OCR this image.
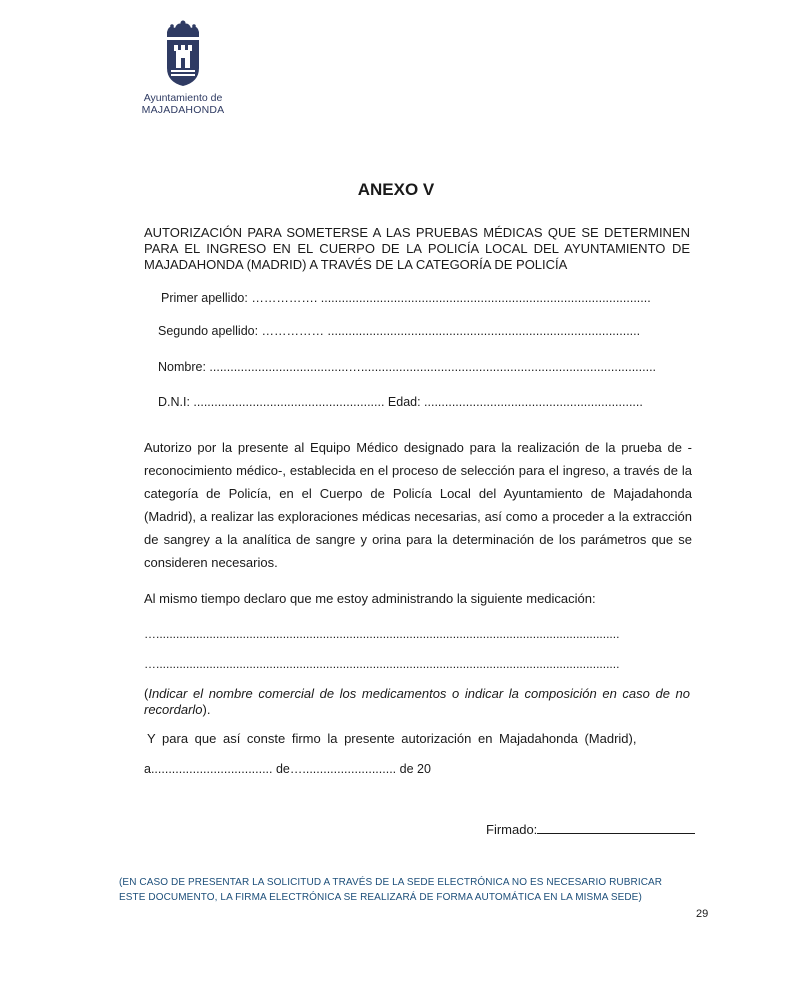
Ayuntamiento de
MAJADAHONDA
ANEXO V

AUTORIZACIÓN PARA SOMETERSE A LAS PRUEBAS MÉDICAS QUE SE DETERMINEN PARA EL INGRESO EN EL CUERPO DE LA POLICÍA LOCAL DEL AYUNTAMIENTO DE MAJADAHONDA (MADRID) A TRAVÉS DE LA CATEGORÍA DE POLICÍA

Primer apellido: ……………. ...............................................................................................
Segundo apellido: …………… ..........................................................................................
Nombre: ........................................….....................................................................................
D.N.I: ....................................................... Edad: ...............................................................

Autorizo por la presente al Equipo Médico designado para la realización de la prueba de -reconocimiento médico-, establecida en el proceso de selección para el ingreso, a través de la categoría de Policía, en el Cuerpo de Policía Local del Ayuntamiento de Majadahonda (Madrid), a realizar las exploraciones médicas necesarias, así como a proceder a la extracción de sangrey a la analítica de sangre y orina para la determinación de los parámetros que se consideren necesarios.

Al mismo tiempo declaro que me estoy administrando la siguiente medicación:
…...........................................................................................................................................
…...........................................................................................................................................
(Indicar el nombre comercial de los medicamentos o indicar la composición en caso de no recordarlo).
Y para que así conste firmo la presente autorización en Majadahonda (Madrid),
a................................... de…........................... de 20
Firmado:
(EN CASO DE PRESENTAR LA SOLICITUD A TRAVÉS DE LA SEDE ELECTRÓNICA NO ES NECESARIO RUBRICAR
ESTE DOCUMENTO, LA FIRMA ELECTRÓNICA SE REALIZARÁ DE FORMA AUTOMÁTICA EN LA MISMA SEDE)
29
